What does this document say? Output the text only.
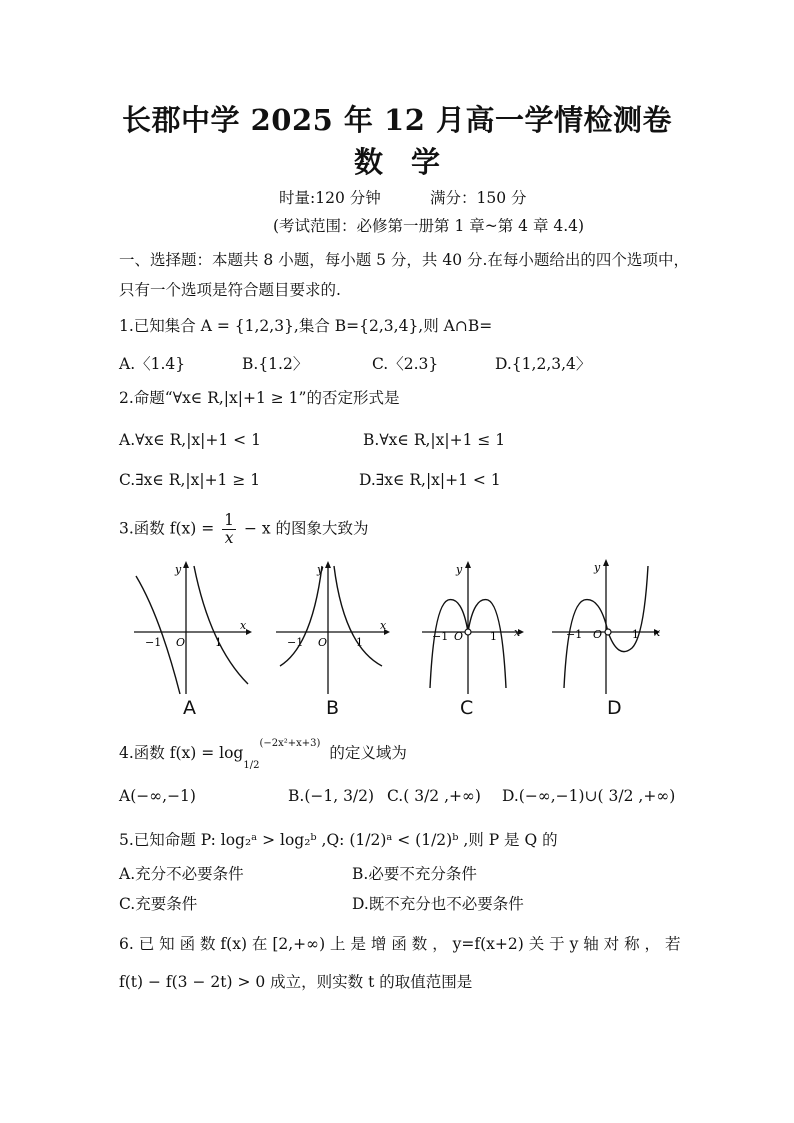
长郡中学 2025 年 12 月高一学情检测卷
数学
时量:120 分钟	满分：150 分
(考试范围：必修第一册第 1 章~第 4 章 4.4)
一、选择题：本题共 8 小题，每小题 5 分，共 40 分.在每小题给出的四个选项中，
只有一个选项是符合题目要求的.
1.已知集合 A = {1,2,3},集合 B={2,3,4},则 A∩B=
A.〈1.4}	B.{1.2〉	C.〈2.3}	D.{1,2,3,4〉
2.命题“∀x∈ R,|x|+1 ≥ 1”的否定形式是
A.∀x∈ R,|x|+1 < 1	B.∀x∈ R,|x|+1 ≤ 1
C.∃x∈ R,|x|+1 ≥ 1	D.∃x∈ R,|x|+1 < 1
3.函数 $f(x) = \frac{1}{x} - x$ 的图象大致为
y
x
O
−1	1
A
y
x
O
−1	1
B
y
x
O
−1	1
C
y
x
O
−1	1
D
4.函数 $f(x) = \log_{1/2}^{(-2x^2+x+3)}$ 的定义域为
A(−∞,−1)	B.(−1, 3/2) C.( 3/2 ,+∞) D.(−∞,−1)∪( 3/2 ,+∞)
5.已知命题 P: log₂ᵃ > log₂ᵇ ,Q: (1/2)ᵃ < (1/2)ᵇ ,则 P 是 Q 的
A.充分不必要条件	B.必要不充分条件
C.充要条件	D.既不充分也不必要条件
6. 已 知 函 数 f(x) 在 [2,+∞) 上 是 增 函 数 ， y=f(x+2) 关 于 y 轴 对 称 ， 若
f(t) − f(3 − 2t) > 0 成立，则实数 t 的取值范围是
